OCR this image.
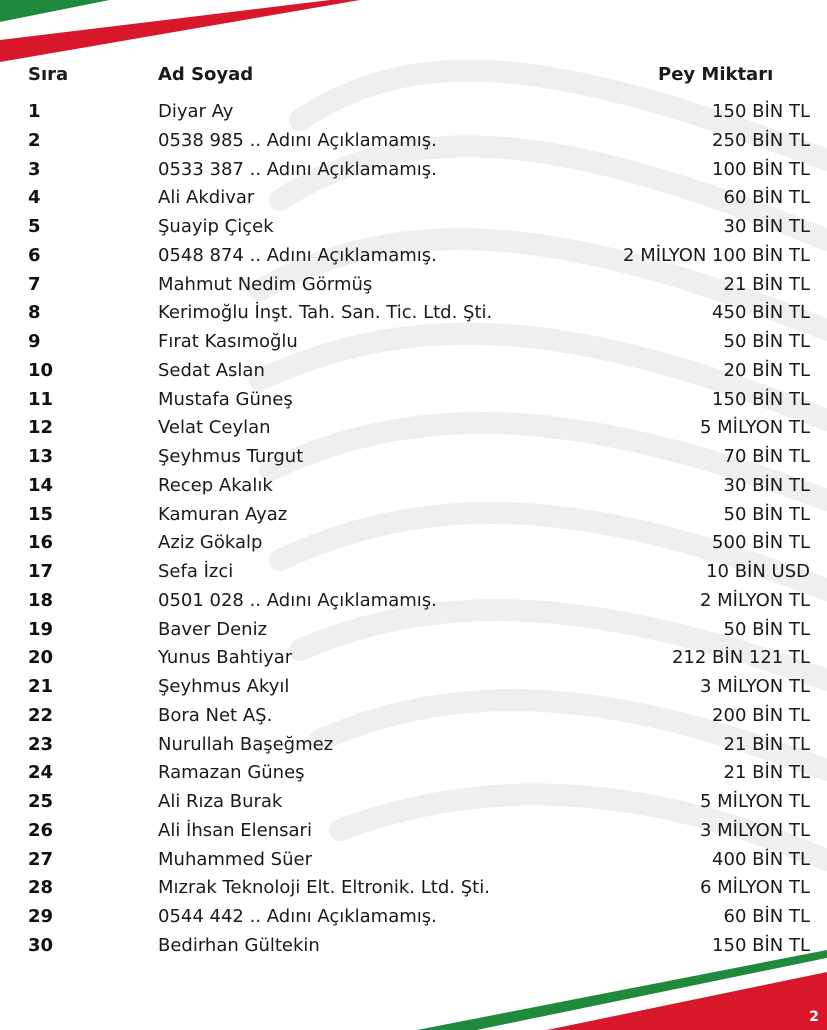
2
Sıra	Ad Soyad	Pey Miktarı
1	Diyar Ay	150 BİN TL
2	0538 985 .. Adını Açıklamamış.	250 BİN TL
3	0533 387 .. Adını Açıklamamış.	100 BİN TL
4	Ali Akdivar	60 BİN TL
5	Şuayip Çiçek	30 BİN TL
6	0548 874 .. Adını Açıklamamış.	2 MİLYON 100 BİN TL
7	Mahmut Nedim Görmüş	21 BİN TL
8	Kerimoğlu İnşt. Tah. San. Tic. Ltd. Şti.	450 BİN TL
9	Fırat Kasımoğlu	50 BİN TL
10	Sedat Aslan	20 BİN TL
11	Mustafa Güneş	150 BİN TL
12	Velat Ceylan	5 MİLYON TL
13	Şeyhmus Turgut	70 BİN TL
14	Recep Akalık	30 BİN TL
15	Kamuran Ayaz	50 BİN TL
16	Aziz Gökalp	500 BİN TL
17	Sefa İzci	10 BİN USD
18	0501 028 .. Adını Açıklamamış.	2 MİLYON TL
19	Baver Deniz	50 BİN TL
20	Yunus Bahtiyar	212 BİN 121 TL
21	Şeyhmus Akyıl	3 MİLYON TL
22	Bora Net AŞ.	200 BİN TL
23	Nurullah Başeğmez	21 BİN TL
24	Ramazan Güneş	21 BİN TL
25	Ali Rıza Burak	5 MİLYON TL
26	Ali İhsan Elensari	3 MİLYON TL
27	Muhammed Süer	400 BİN TL
28	Mızrak Teknoloji Elt. Eltronik. Ltd. Şti.	6 MİLYON TL
29	0544 442 .. Adını Açıklamamış.	60 BİN TL
30	Bedirhan Gültekin	150 BİN TL
